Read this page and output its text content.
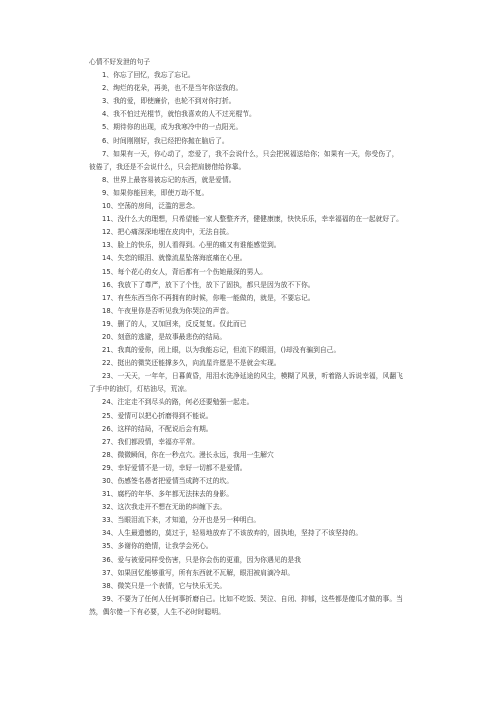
心情不好发泄的句子
1、你忘了回忆，我忘了忘记。
2、绚烂的花朵，再美，也不是当年你送我的。
3、我的爱，即使廉价，也轮不到对你打折。
4、我不怕过光棍节，就怕我喜欢的人不过光棍节。
5、期待你的出现，成为我寒冷中的一点阳光。
6、时间刚刚好，我已经把你抛在脑后了。
7、如果有一天，你心动了，恋爱了，我不会说什么，只会把祝福送给你；如果有一天，你受伤了，彼倦了，我还是不会说什么，只会把肩膀借给你靠。
8、世界上最容易被忘记的东西，就是爱情。
9、如果你能回来，即使万劫不复。
10、空荡的房间，泛滥的思念。
11、没什么大的理想，只希望能一家人整整齐齐，健健康康，快快乐乐，幸幸福福的在一起就好了。
12、把心痛深深地埋在皮肉中，无法自拔。
13、脸上的快乐，别人看得到。心里的痛又有谁能感觉到。
14、失恋的眼泪、就像流星坠落海底痛在心里。
15、每个花心的女人，背后都有一个伤她最深的男人。
16、我放下了尊严，放下了个性，放下了固执，都只是因为放不下你。
17、有些东西当你不再拥有的时候，你唯一能做的，就是，不要忘记。
18、午夜里你是否听见我为你哭泣的声音。
19、删了的人，又加回来，反反复复。仅此而已
20、刻意的逃避，是故事最悲伤的结局。
21、我真的爱你，闭上眼，以为我能忘记，但流下的眼泪，()却没有骗到自己。
22、挺出的微笑还能撑多久，向流星许愿是不是就会实现。
23、一天天，一年年，日暮黄昏，用泪水洗净延途的风尘，模糊了风景，听着路人诉说幸福，风翻飞了手中的油灯，灯枯油尽，荒凉。
24、注定走不到尽头的路，何必还要勉强一起走。
25、爱情可以把心折磨得到不能说。
26、这样的结局，不配说后会有期。
27、我们都段情，幸福亦平常。
28、微微瞬间，你在一秒点穴。漫长永远，我用一生解穴
29、幸好爱情不是一切，幸好一切都不是爱情。
30、伤感签名愚者把爱情当成跨不过的坎。
31、腐朽的年华、多年都无法抹去的身影。
32、这次我走开不想在无助的纠缠下去。
33、当眼泪流下来，才知道，分开也是另一种明白。
34、人生最遗憾的，莫过于，轻易地放弃了不该放弃的，固执地，坚持了不该坚持的。
35、多谢你的绝情，让我学会死心。
36、爱与被爱同样受伤害，只是你会伤的更重，因为你遇见的是我
37、如果回忆能够重写，所有东西就不瓦解，眼泪被肩滴冷却。
38、微笑只是一个表情，它与快乐无关。
39、不要为了任何人任何事折磨自己。比如不吃饭、哭泣、自闭、抑郁，这些都是傻瓜才做的事。当然，偶尔傻一下有必要，人生不必时时聪明。
